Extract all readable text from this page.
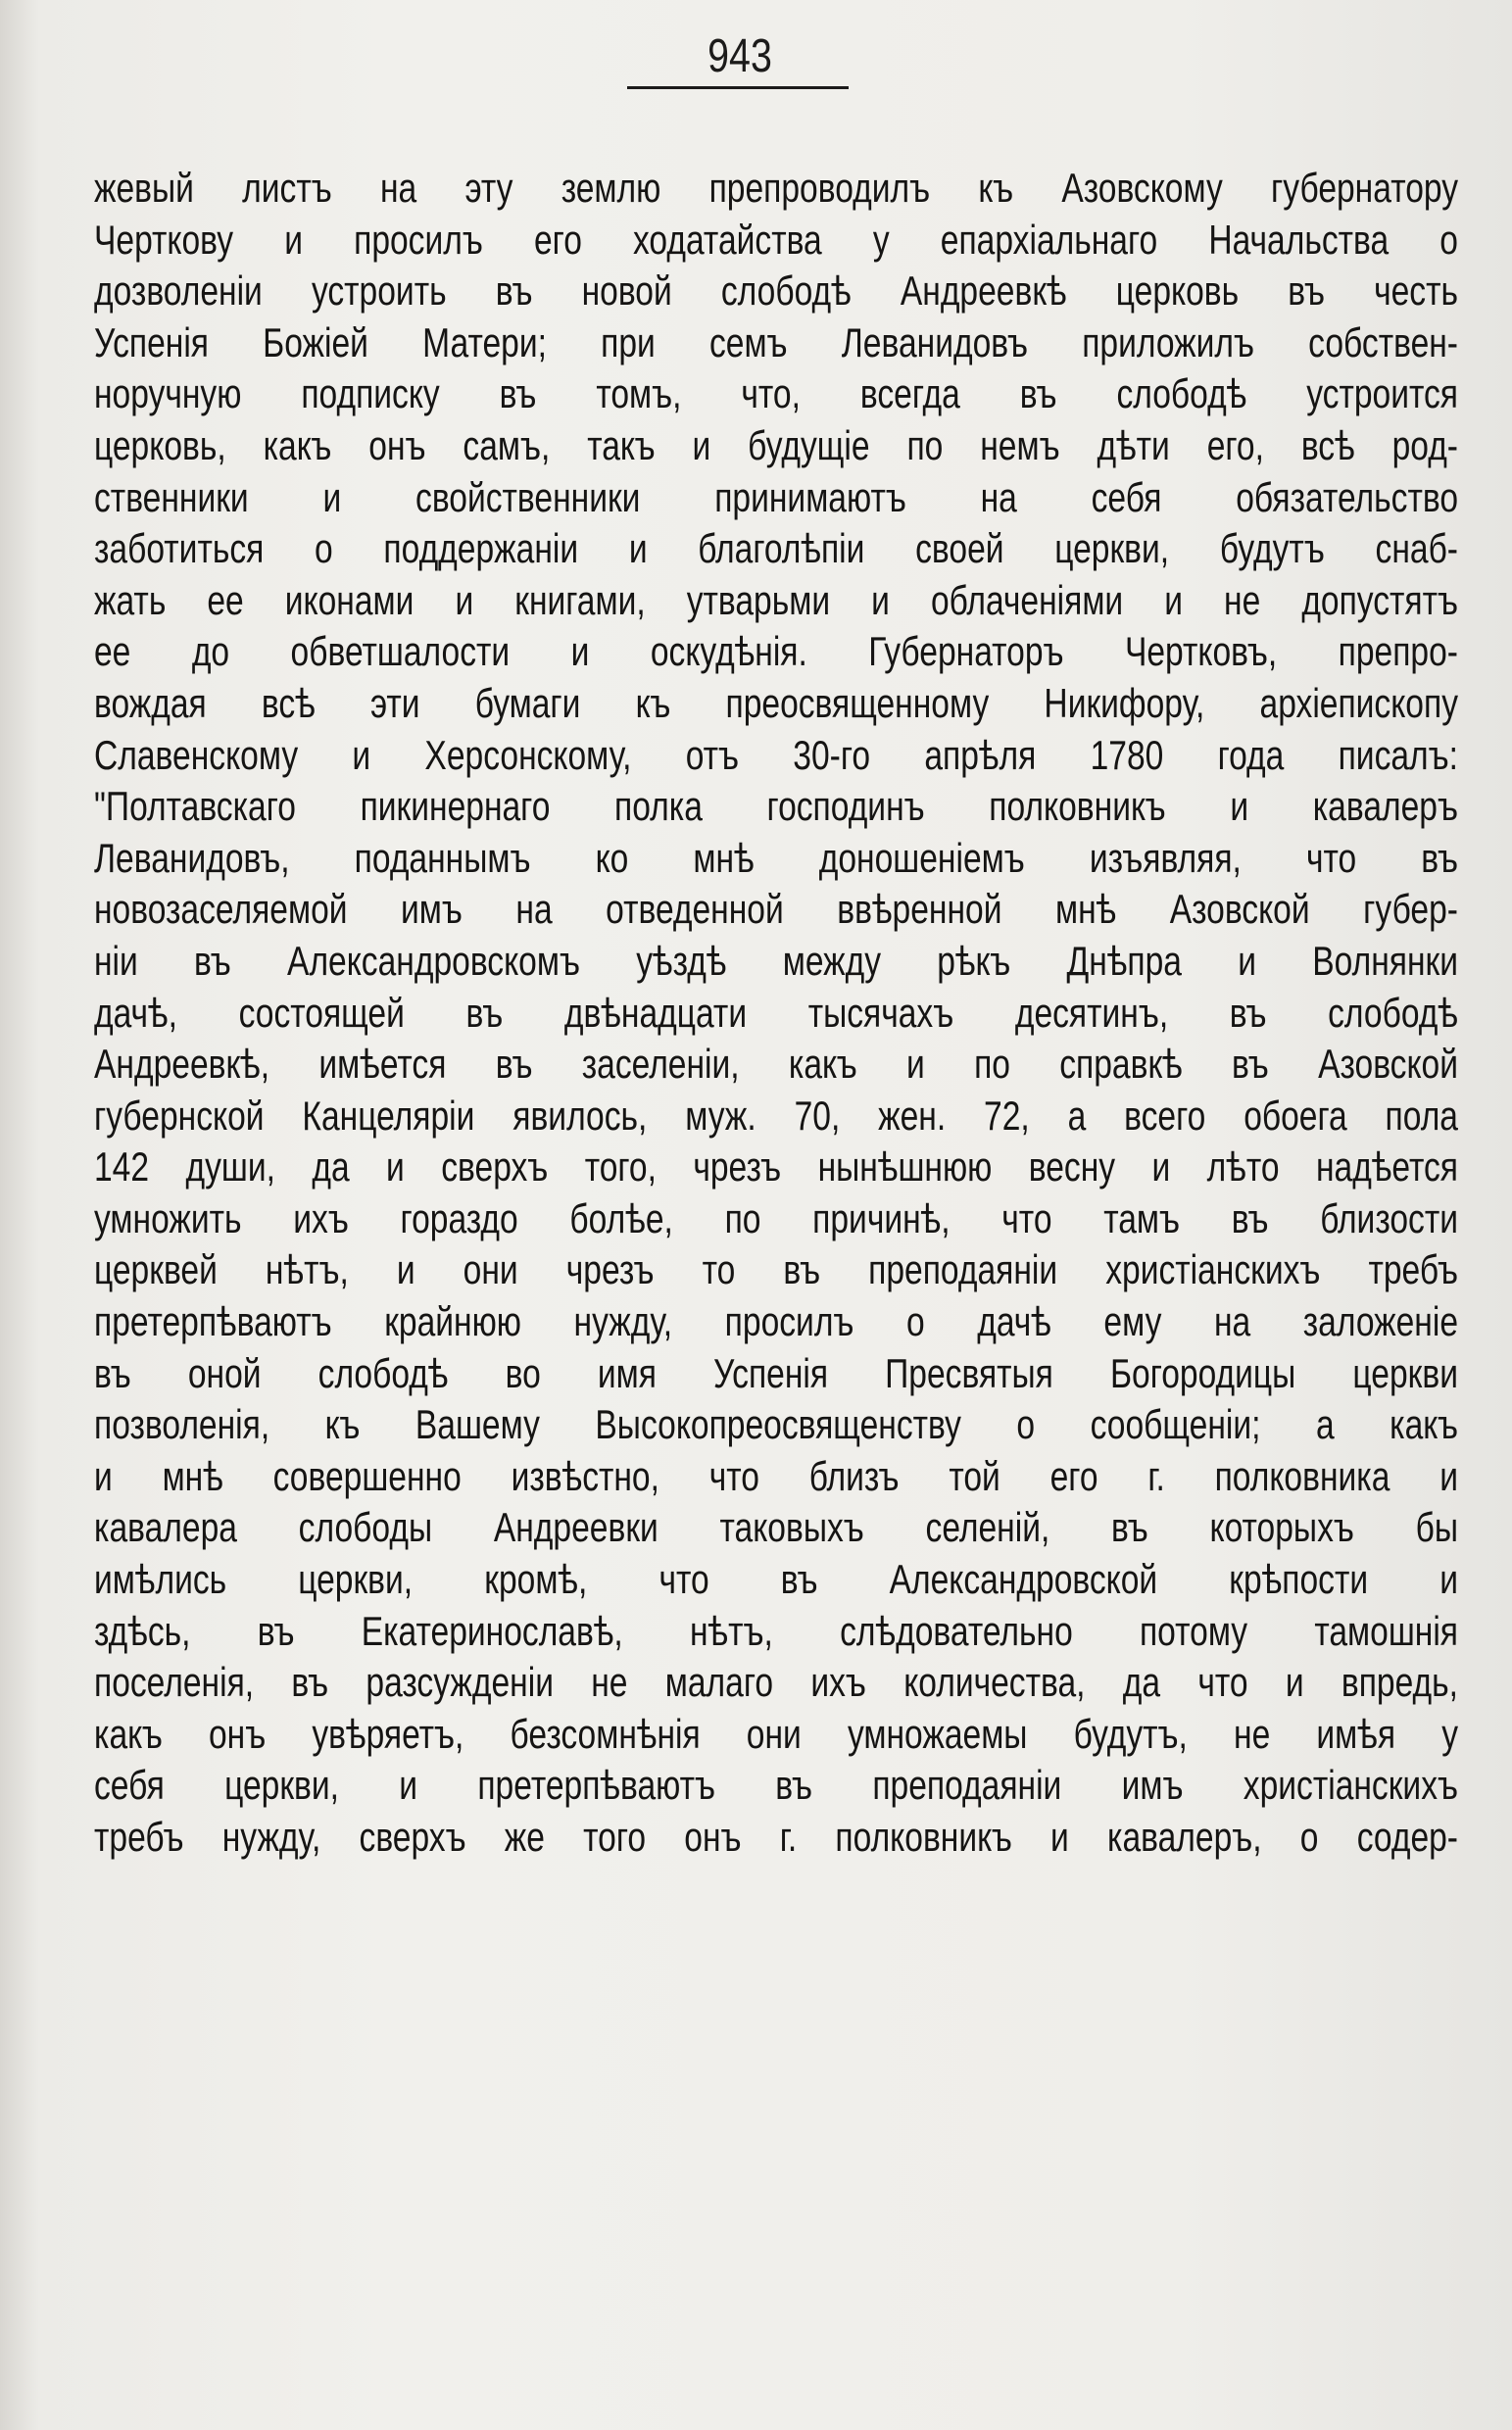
943
жевый листъ на эту землю препроводилъ къ Азовскому губернатору
Черткову и просилъ его ходатайства у епархіальнаго Начальства о
дозволеніи устроить въ новой слободѣ Андреевкѣ церковь въ честь
Успенія Божіей Матери; при семъ Леванидовъ приложилъ собствен-
норучную подписку въ томъ, что, всегда въ слободѣ устроится
церковь, какъ онъ самъ, такъ и будущіе по немъ дѣти его, всѣ род-
ственники и свойственники принимаютъ на себя обязательство
заботиться о поддержаніи и благолѣпіи своей церкви, будутъ снаб-
жать ее иконами и книгами, утварьми и облаченіями и не допустятъ
ее до обветшалости и оскудѣнія. Губернаторъ Чертковъ, препро-
вождая всѣ эти бумаги къ преосвященному Никифору, архіепископу
Славенскому и Херсонскому, отъ 30-го апрѣля 1780 года писалъ:
"Полтавскаго пикинернаго полка господинъ полковникъ и кавалеръ
Леванидовъ, поданнымъ ко мнѣ доношеніемъ изъявляя, что въ
новозаселяемой имъ на отведенной ввѣренной мнѣ Азовской губер-
ніи въ Александровскомъ уѣздѣ между рѣкъ Днѣпра и Волнянки
дачѣ, состоящей въ двѣнадцати тысячахъ десятинъ, въ слободѣ
Андреевкѣ, имѣется въ заселеніи, какъ и по справкѣ въ Азовской
губернской Канцеляріи явилось, муж. 70, жен. 72, а всего обоега пола
142 души, да и сверхъ того, чрезъ нынѣшнюю весну и лѣто надѣется
умножить ихъ гораздо болѣе, по причинѣ, что тамъ въ близости
церквей нѣтъ, и они чрезъ то въ преподаяніи христіанскихъ требъ
претерпѣваютъ крайнюю нужду, просилъ о дачѣ ему на заложеніе
въ оной слободѣ во имя Успенія Пресвятыя Богородицы церкви
позволенія, къ Вашему Высокопреосвященству о сообщеніи; а какъ
и мнѣ совершенно извѣстно, что близъ той его г. полковника и
кавалера слободы Андреевки таковыхъ селеній, въ которыхъ бы
имѣлись церкви, кромѣ, что въ Александровской крѣпости и
здѣсь, въ Екатеринославѣ, нѣтъ, слѣдовательно потому тамошнія
поселенія, въ разсужденіи не малаго ихъ количества, да что и впредь,
какъ онъ увѣряетъ, безсомнѣнія они умножаемы будутъ, не имѣя у
себя церкви, и претерпѣваютъ въ преподаяніи имъ христіанскихъ
требъ нужду, сверхъ же того онъ г. полковникъ и кавалеръ, о содер-
